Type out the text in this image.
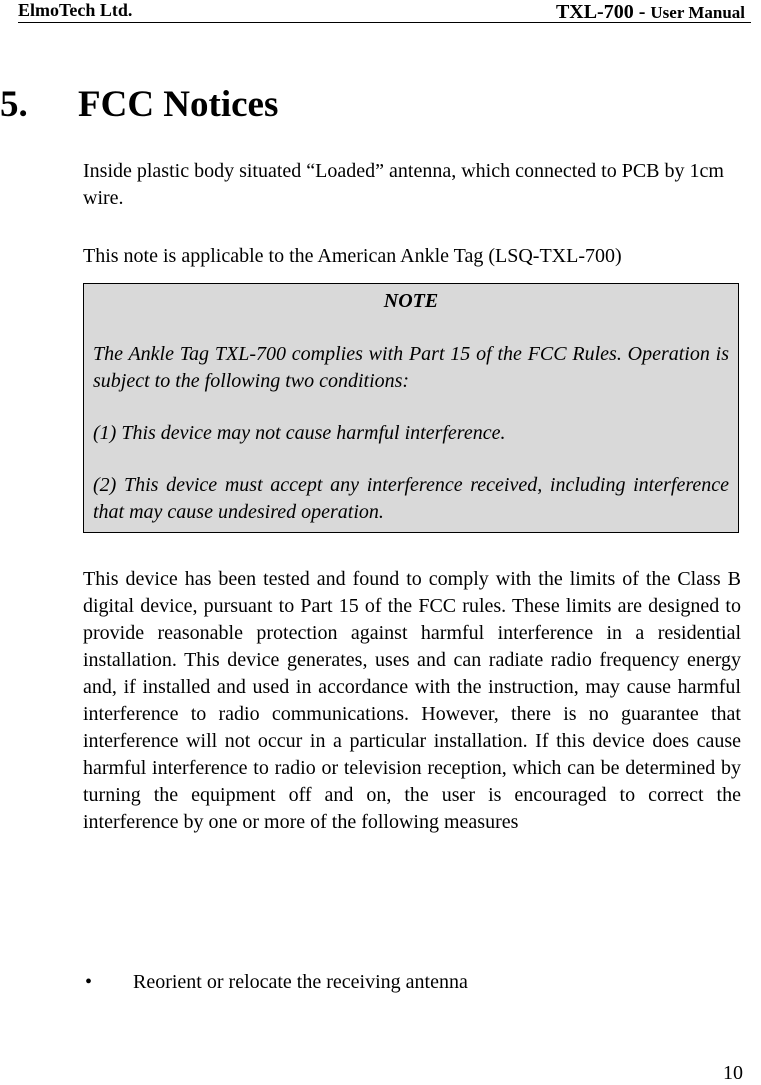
ElmoTech Ltd.	TXL-700 - User Manual
5. FCC Notices

Inside plastic body situated “Loaded” antenna, which connected to PCB by 1cm wire.

This note is applicable to the American Ankle Tag (LSQ-TXL-700)

NOTE

The Ankle Tag TXL-700 complies with Part 15 of the FCC Rules. Operation is subject to the following two conditions:

(1) This device may not cause harmful interference.

(2) This device must accept any interference received, including interference that may cause undesired operation.

This device has been tested and found to comply with the limits of the Class B digital device, pursuant to Part 15 of the FCC rules. These limits are designed to provide reasonable protection against harmful interference in a residential installation. This device generates, uses and can radiate radio frequency energy and, if installed and used in accordance with the instruction, may cause harmful interference to radio communications. However, there is no guarantee that interference will not occur in a particular installation. If this device does cause harmful interference to radio or television reception, which can be determined by turning the equipment off and on, the user is encouraged to correct the interference by one or more of the following measures

• Reorient or relocate the receiving antenna
10
